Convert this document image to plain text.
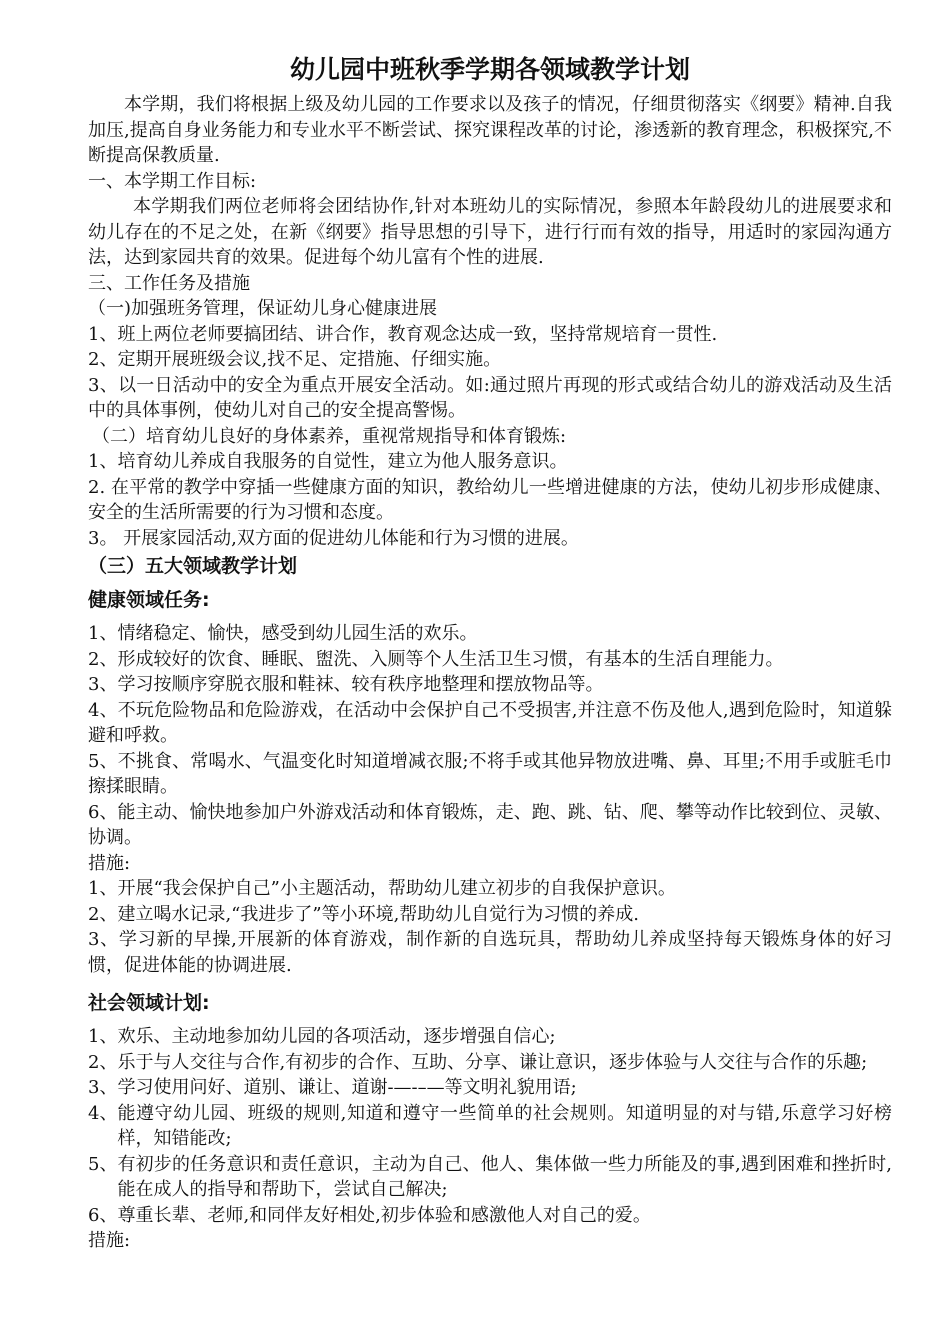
幼儿园中班秋季学期各领域教学计划

本学期，我们将根据上级及幼儿园的工作要求以及孩子的情况，仔细贯彻落实《纲要》精神.自我加压,提高自身业务能力和专业水平不断尝试、探究课程改革的讨论，渗透新的教育理念，积极探究,不断提高保教质量.

一、本学期工作目标:

本学期我们两位老师将会团结协作,针对本班幼儿的实际情况，参照本年龄段幼儿的进展要求和幼儿存在的不足之处，在新《纲要》指导思想的引导下，进行行而有效的指导，用适时的家园沟通方法，达到家园共育的效果。促进每个幼儿富有个性的进展.

三、工作任务及措施

（一)加强班务管理，保证幼儿身心健康进展

1、班上两位老师要搞团结、讲合作，教育观念达成一致，坚持常规培育一贯性.

2、定期开展班级会议,找不足、定措施、仔细实施。

3、以一日活动中的安全为重点开展安全活动。如:通过照片再现的形式或结合幼儿的游戏活动及生活中的具体事例，使幼儿对自己的安全提高警惕。

（二）培育幼儿良好的身体素养，重视常规指导和体育锻炼:

1、培育幼儿养成自我服务的自觉性，建立为他人服务意识。

2. 在平常的教学中穿插一些健康方面的知识，教给幼儿一些增进健康的方法，使幼儿初步形成健康、安全的生活所需要的行为习惯和态度。

3。 开展家园活动,双方面的促进幼儿体能和行为习惯的进展。

（三）五大领域教学计划

健康领域任务:

1、情绪稳定、愉快，感受到幼儿园生活的欢乐。

2、形成较好的饮食、睡眠、盥洗、入厕等个人生活卫生习惯，有基本的生活自理能力。

3、学习按顺序穿脱衣服和鞋袜、较有秩序地整理和摆放物品等。

4、不玩危险物品和危险游戏，在活动中会保护自己不受损害,并注意不伤及他人,遇到危险时，知道躲避和呼救。

5、不挑食、常喝水、气温变化时知道增减衣服;不将手或其他异物放进嘴、鼻、耳里;不用手或脏毛巾擦揉眼睛。

6、能主动、愉快地参加户外游戏活动和体育锻炼，走、跑、跳、钻、爬、攀等动作比较到位、灵敏、协调。

措施:

1、开展“我会保护自己”小主题活动，帮助幼儿建立初步的自我保护意识。

2、建立喝水记录,“我进步了”等小环境,帮助幼儿自觉行为习惯的养成.

3、学习新的早操,开展新的体育游戏，制作新的自选玩具，帮助幼儿养成坚持每天锻炼身体的好习惯，促进体能的协调进展.

社会领域计划:

1、 欢乐、主动地参加幼儿园的各项活动，逐步增强自信心;
2、 乐于与人交往与合作,有初步的合作、互助、分享、谦让意识，逐步体验与人交往与合作的乐趣;
3、 学习使用问好、道别、谦让、道谢-—-–—等文明礼貌用语;
4、 能遵守幼儿园、班级的规则,知道和遵守一些简单的社会规则。知道明显的对与错,乐意学习好榜样，知错能改;
5、 有初步的任务意识和责任意识，主动为自己、他人、集体做一些力所能及的事,遇到困难和挫折时,能在成人的指导和帮助下，尝试自己解决;
6、 尊重长辈、老师,和同伴友好相处,初步体验和感激他人对自己的爱。

措施:
